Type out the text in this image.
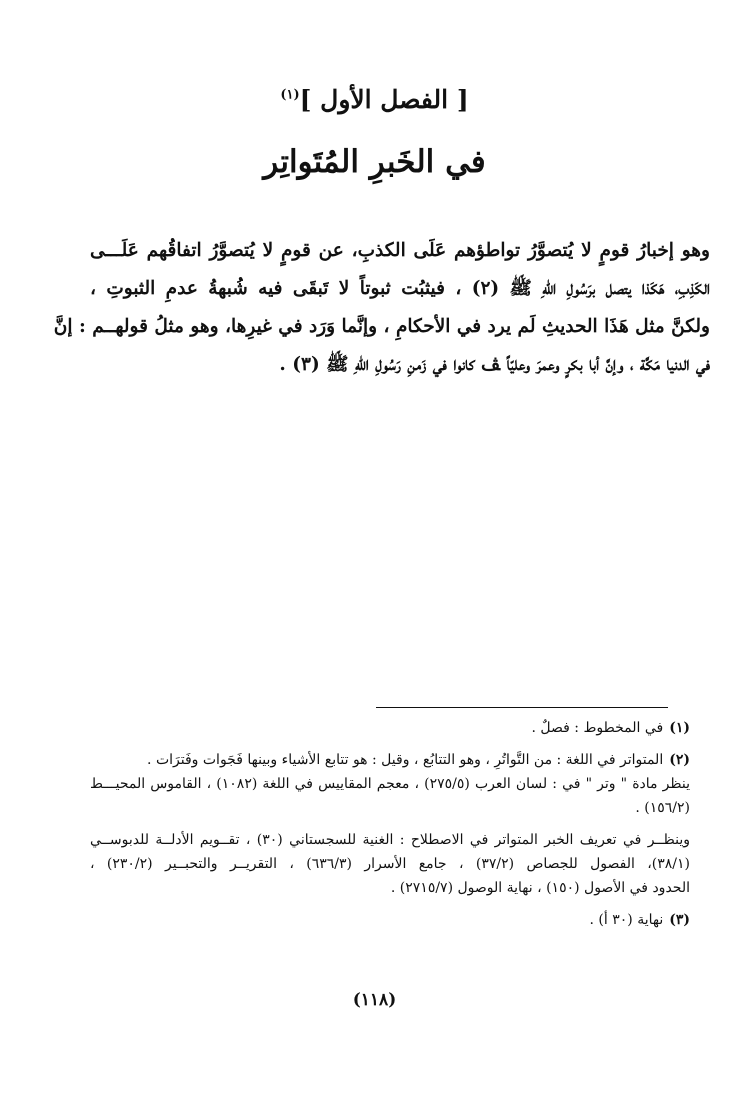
[ الفصل الأول ]$^{(١)}$
في الخَبرِ المُتَواتِر
وهو إخبارُ قومٍ لا يُتصوَّرُ تواطؤهم عَلَى الكذبِ، عن قومٍ لا يُتصوَّرُ اتفاقُهم عَلَـــى
الكَذِبِ، هَكَذا يتصل برَسُولِ اللهِ ﷺ (٢) ، فيثبُت ثبوتاً لا تَبقَى فيه شُبهةُ عدمِ الثبوتِ ،
ولكنَّ مثل هَذَا الحديثِ لَم يرد في الأحكامِ ، وإنَّما وَرَد في غيرِها، وهو مثلُ قولهــم : إنَّ
في الدنيا مَكَّة ، وإنَّ أبا بكرٍ وعمرَ وعليّاً ﭫ كانوا في زَمنِ رَسُولِ اللهِ ﷺ (٣) .
(١)في المخطوط : فصلٌ .
(٢)المتواتر في اللغة : من التَّواتُرِ ، وهو التتابُع ، وقيل : هو تتابع الأشياء وبينها فَجَوات وفَترَات .
ينظر مادة " وتر " في : لسان العرب (٢٧٥/٥) ، معجم المقاييس في اللغة (١٠٨٢) ، القاموس المحيـــط
(١٥٦/٢) .
وينظــر في تعريف الخبر المتواتر في الاصطلاح : الغنية للسجستاني (٣٠) ، تقــويم الأدلــة للدبوســي
(٣٨/١)، الفصول للجصاص (٣٧/٢) ، جامع الأسرار (٦٣٦/٣) ، التقريــر والتحبــير (٢٣٠/٢) ،
الحدود في الأصول (١٥٠) ، نهاية الوصول (٢٧١٥/٧) .
(٣)نهاية (٣٠ أ) .
(١١٨)
